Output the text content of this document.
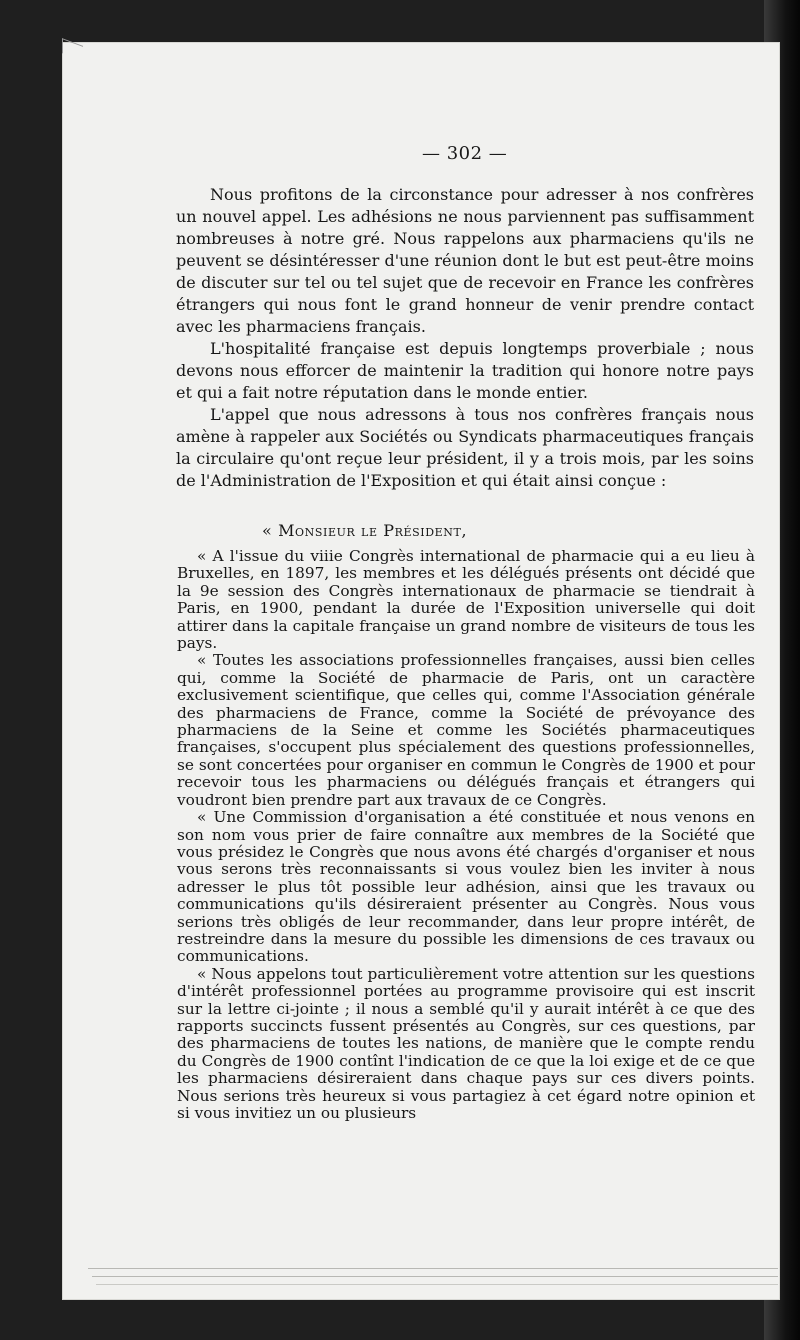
— 302 —

Nous profitons de la circonstance pour adresser à nos confrères un nouvel appel. Les adhésions ne nous parviennent pas suffisamment nombreuses à notre gré. Nous rappelons aux pharmaciens qu'ils ne peuvent se désintéresser d'une réunion dont le but est peut-être moins de discuter sur tel ou tel sujet que de recevoir en France les confrères étrangers qui nous font le grand honneur de venir prendre contact avec les pharmaciens français.

L'hospitalité française est depuis longtemps proverbiale ; nous devons nous efforcer de maintenir la tradition qui honore notre pays et qui a fait notre réputation dans le monde entier.

L'appel que nous adressons à tous nos confrères français nous amène à rappeler aux Sociétés ou Syndicats pharmaceutiques français la circulaire qu'ont reçue leur président, il y a trois mois, par les soins de l'Administration de l'Exposition et qui était ainsi conçue :

« Monsieur le Président,

« A l'issue du viiie Congrès international de pharmacie qui a eu lieu à Bruxelles, en 1897, les membres et les délégués présents ont décidé que la 9e session des Congrès internationaux de pharmacie se tiendrait à Paris, en 1900, pendant la durée de l'Exposition universelle qui doit attirer dans la capitale française un grand nombre de visiteurs de tous les pays.

« Toutes les associations professionnelles françaises, aussi bien celles qui, comme la Société de pharmacie de Paris, ont un caractère exclusivement scientifique, que celles qui, comme l'Association générale des pharmaciens de France, comme la Société de prévoyance des pharmaciens de la Seine et comme les Sociétés pharmaceutiques françaises, s'occupent plus spécialement des questions professionnelles, se sont concertées pour organiser en commun le Congrès de 1900 et pour recevoir tous les pharmaciens ou délégués français et étrangers qui voudront bien prendre part aux travaux de ce Congrès.

« Une Commission d'organisation a été constituée et nous venons en son nom vous prier de faire connaître aux membres de la Société que vous présidez le Congrès que nous avons été chargés d'organiser et nous vous serons très reconnaissants si vous voulez bien les inviter à nous adresser le plus tôt possible leur adhésion, ainsi que les travaux ou communications qu'ils désireraient présenter au Congrès. Nous vous serions très obligés de leur recommander, dans leur propre intérêt, de restreindre dans la mesure du possible les dimensions de ces travaux ou communications.

« Nous appelons tout particulièrement votre attention sur les questions d'intérêt professionnel portées au programme provisoire qui est inscrit sur la lettre ci-jointe ; il nous a semblé qu'il y aurait intérêt à ce que des rapports succincts fussent présentés au Congrès, sur ces questions, par des pharmaciens de toutes les nations, de manière que le compte rendu du Congrès de 1900 contînt l'indication de ce que la loi exige et de ce que les pharmaciens désireraient dans chaque pays sur ces divers points. Nous serions très heureux si vous partagiez à cet égard notre opinion et si vous invitiez un ou plusieurs
